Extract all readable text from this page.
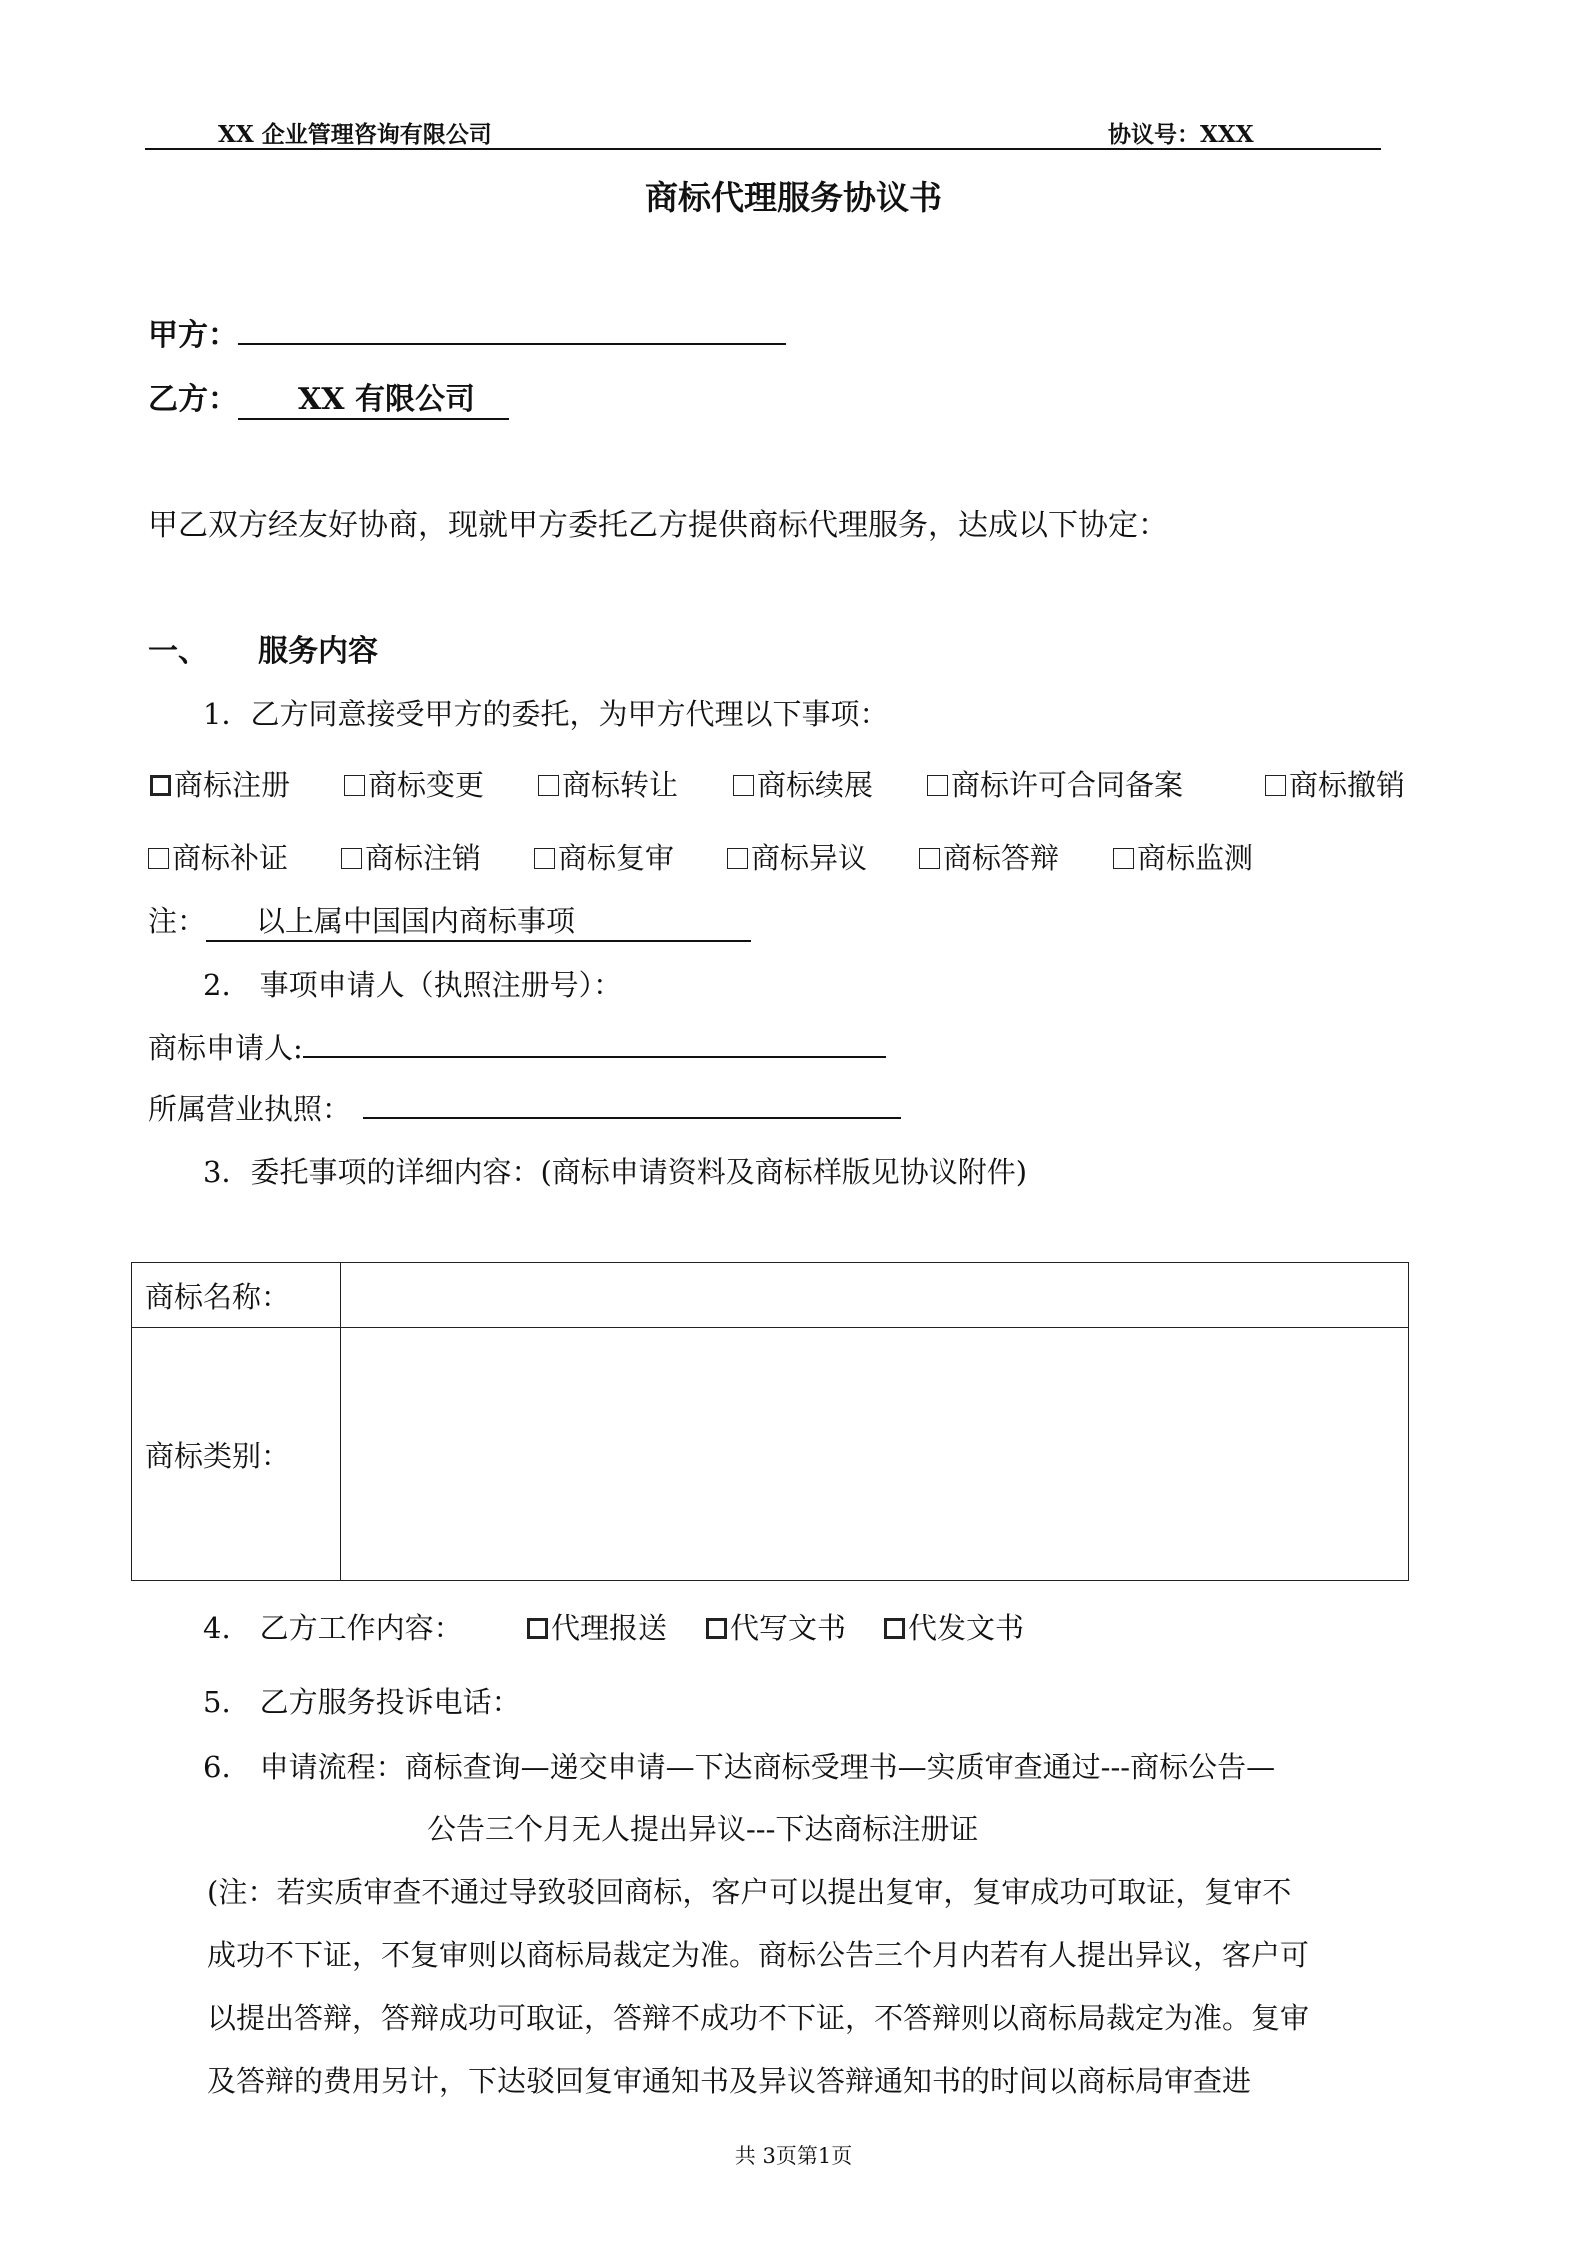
XX 企业管理咨询有限公司	协议号：XXX
商标代理服务协议书
甲方：
乙方： XX 有限公司
甲乙双方经友好协商，现就甲方委托乙方提供商标代理服务，达成以下协定：
一、 服务内容
1．乙方同意接受甲方的委托，为甲方代理以下事项：
商标注册	商标变更	商标转让	商标续展	商标许可合同备案	商标撤销
商标补证	商标注销	商标复审	商标异议	商标答辩	商标监测
注： 以上属中国国内商标事项
2.　事项申请人（执照注册号）：
商标申请人:
所属营业执照：
3．委托事项的详细内容：(商标申请资料及商标样版见协议附件)
商标名称：	
商标类别：	
4.　乙方工作内容：	代理报送	代写文书	代发文书
5.　乙方服务投诉电话：
6.　申请流程：商标查询—递交申请—下达商标受理书—实质审查通过---商标公告—
公告三个月无人提出异议---下达商标注册证
(注：若实质审查不通过导致驳回商标，客户可以提出复审，复审成功可取证，复审不
成功不下证，不复审则以商标局裁定为准。商标公告三个月内若有人提出异议，客户可
以提出答辩，答辩成功可取证，答辩不成功不下证，不答辩则以商标局裁定为准。复审
及答辩的费用另计，下达驳回复审通知书及异议答辩通知书的时间以商标局审查进
共 3页第1页
